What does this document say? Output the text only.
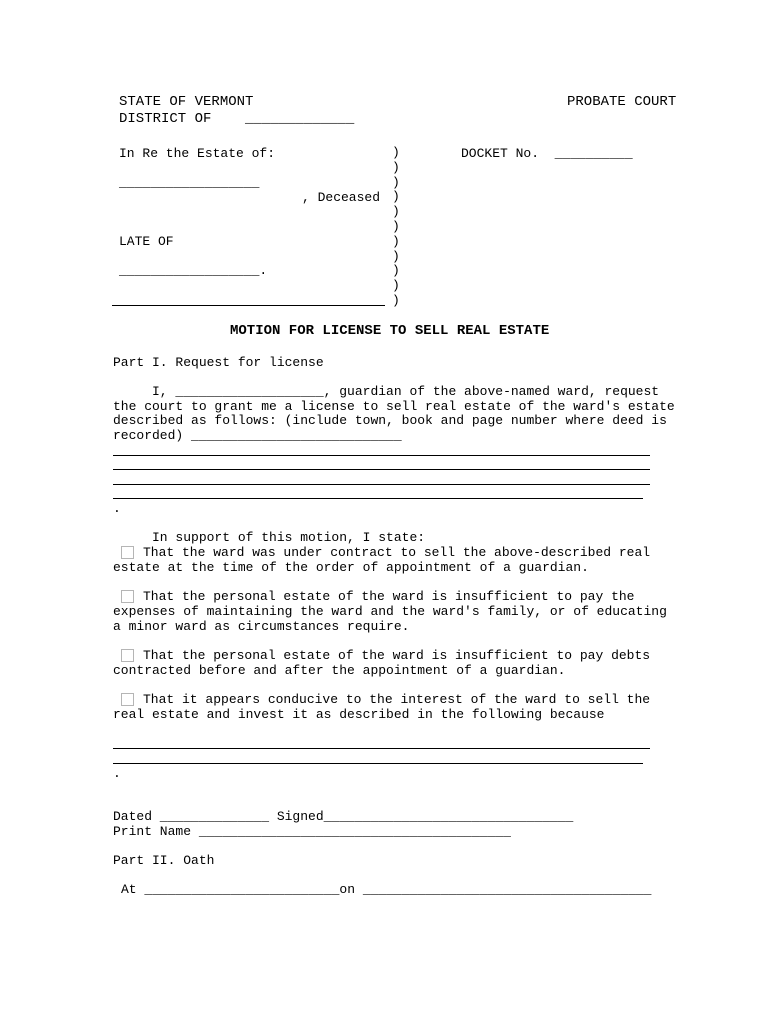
STATE OF VERMONT	PROBATE COURT
DISTRICT OF    _____________
In Re the Estate of:
__________________
, Deceased
LATE OF
__________________.
)
)
)
)
)
)
)
)
)
)
)
DOCKET No.  __________
MOTION FOR LICENSE TO SELL REAL ESTATE
Part I. Request for license
I, ___________________, guardian of the above-named ward, request
the court to grant me a license to sell real estate of the ward's estate
described as follows: (include town, book and page number where deed is
recorded) ___________________________
.
In support of this motion, I state:
That the ward was under contract to sell the above-described real
estate at the time of the order of appointment of a guardian.
That the personal estate of the ward is insufficient to pay the
expenses of maintaining the ward and the ward's family, or of educating
a minor ward as circumstances require.
That the personal estate of the ward is insufficient to pay debts
contracted before and after the appointment of a guardian.
That it appears conducive to the interest of the ward to sell the
real estate and invest it as described in the following because
.
Dated ______________ Signed________________________________
Print Name ________________________________________
Part II. Oath
At _________________________on _____________________________________
